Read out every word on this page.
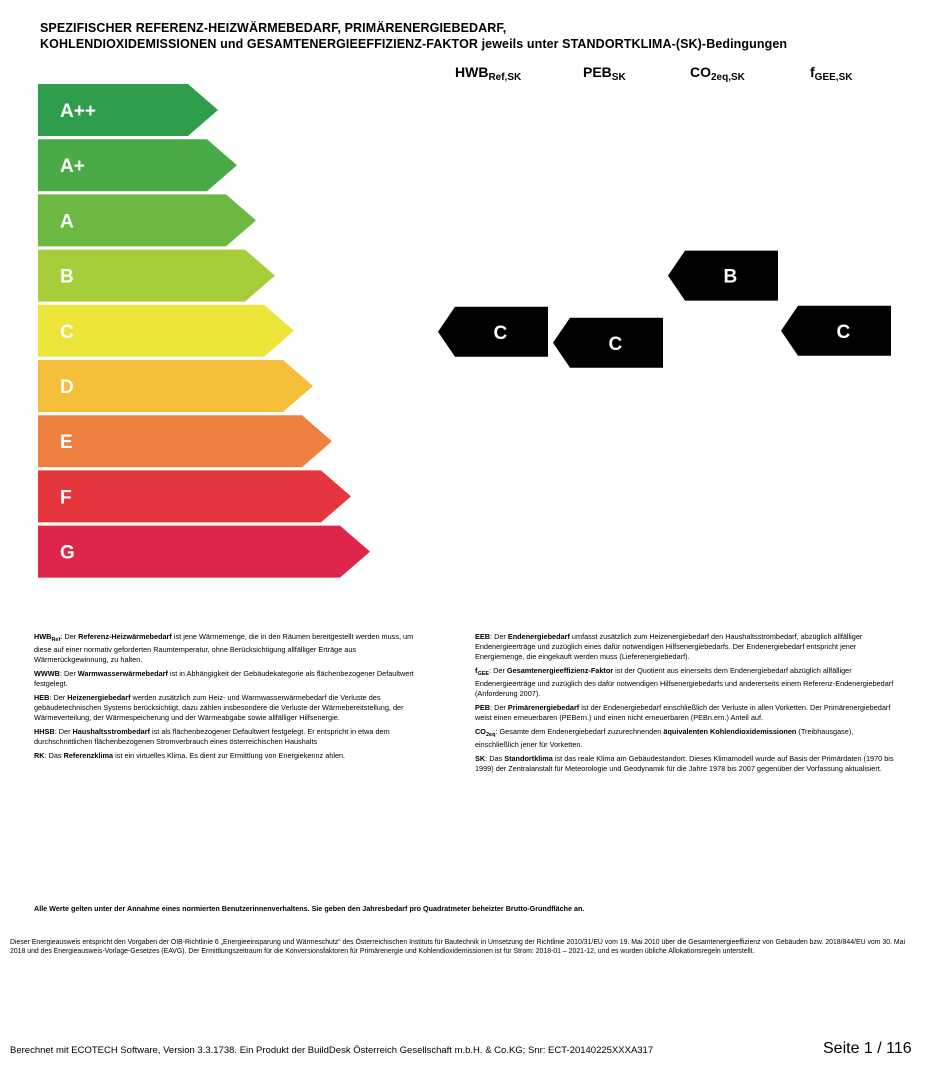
SPEZIFISCHER REFERENZ-HEIZWÄRMEBEDARF, PRIMÄRENERGIEBEDARF,
KOHLENDIOXIDEMISSIONEN und GESAMTENERGIEEFFIZIENZ-FAKTOR jeweils unter STANDORTKLIMA-(SK)-Bedingungen
$HWB_{Ref,SK}$	$PEB_{SK}$	$CO_{2eq,SK}$	$f_{GEE,SK}$
A++
A+
A
B
C
D
E
F
G
C
C
B
C

$HWB_{Ref}$: Der Referenz-Heizwärmebedarf ist jene Wärmemenge, die in den Räumen bereitgestellt werden muss, um diese auf einer normativ geforderten Raumtemperatur, ohne Berücksichtigung allfälliger Erträge aus Wärmerückgewinnung, zu halten.

WWWB: Der Warmwasserwärmebedarf ist in Abhängigkeit der Gebäudekategorie als flächenbezogener Defaultwert festgelegt.

HEB: Der Heizenergiebedarf werden zusätzlich zum Heiz- und Warmwasserwärmebedarf die Verluste des gebäudetechnischen Systems berücksichtigt, dazu zählen insbesondere die Verluste der Wärmebereitstellung, der Wärmeverteilung, der Wärmespeicherung und der Wärmeabgabe sowie allfälliger Hilfsenergie.

HHSB: Der Haushaltsstrombedarf ist als flächenbezogener Defaultwert festgelegt. Er entspricht in etwa dem durchschnittlichen flächenbezogenen Stromverbrauch eines österreichischen Haushalts

RK: Das Referenzklima ist ein virtuelles Klima. Es dient zur Ermittlung von Energiekennz ahlen.

EEB: Der Endenergiebedarf umfasst zusätzlich zum Heizenergiebedarf den Haushaltsstrombedarf, abzüglich allfälliger Endenergieerträge und zuzüglich eines dafür notwendigen Hilfsenergiebedarfs. Der Endenergiebedarf entspricht jener Energiemenge, die eingekauft werden muss (Lieferenergiebedarf).

$f_{GEE}$: Der Gesamtenergieeffizienz-Faktor ist der Quotient aus einerseits dem Endenergiebedarf abzüglich allfälliger Endenergieerträge und zuzüglich des dafür notwendigen Hilfsenergiebedarfs und andererseits einem Referenz-Endenergiebedarf (Anforderung 2007).

PEB: Der Primärenergiebedarf ist der Endenergiebedarf einschließlich der Verluste in allen Vorketten. Der Primärenergiebedarf weist einen erneuerbaren (PEBern.) und einen nicht erneuerbaren (PEBn.ern.) Anteil auf.

$CO_{2eq}$: Gesamte dem Endenergiebedarf zuzurechnenden äquivalenten Kohlendioxidemissionen (Treibhausgase), einschließlich jener für Vorketten.

SK: Das Standortklima ist das reale Klima am Gebäudestandort. Dieses Klimamodell wurde auf Basis der Primärdaten (1970 bis 1999) der Zentralanstalt für Meteorologie und Geodynamik für die Jahre 1978 bis 2007 gegenüber der Vorfassung aktualisiert.

Alle Werte gelten unter der Annahme eines normierten Benutzerinnenverhaltens. Sie geben den Jahresbedarf pro Quadratmeter beheizter Brutto-Grundfläche an.
Dieser Energieausweis entspricht den Vorgaben der OIB-Richtlinie 6 „Energieeinsparung und Wärmeschutz“ des Österreichischen Instituts für Bautechnik in Umsetzung der Richtlinie 2010/31/EU vom 19. Mai 2010 über die Gesamtenergieeffizienz von Gebäuden bzw. 2018/844/EU vom 30. Mai 2018 und des Energieausweis-Vorlage-Gesetzes (EAVG). Der Ermittlungszeitraum für die Konversionsfaktoren für Primärenergie und Kohlendioxidemissionen ist für Strom: 2018-01 – 2021-12, und es wurden übliche Allokationsregeln unterstellt.
Berechnet mit ECOTECH Software, Version 3.3.1738. Ein Produkt der BuildDesk Österreich Gesellschaft m.b.H. & Co.KG; Snr: ECT-20140225XXXA317	Seite 1 / 116
